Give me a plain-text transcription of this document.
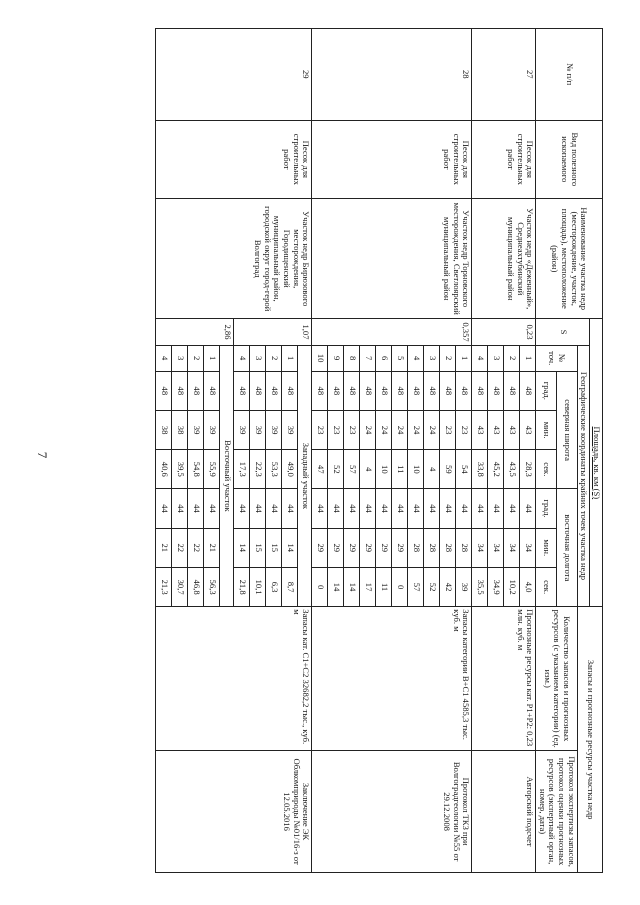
7
№ п/п	Вид полезного ископаемого	Наименование участка недр (месторождение, участок, площадь), местоположение (район)	Площадь, кв. км (S)								Запасы и прогнозные ресурсы участка недр	
			S	Географические координаты крайних точек участка недр								
				№ точ.	северная широта			восточная долгота			Количество запасов и прогнозных ресурсов (с указанием категории) (ед. изм.)	Протокол экспертизы запасов, протокол оценки прогнозных ресурсов (экспертный орган, номер, дата)
					град.	мин.	сек.	град.	мин.	сек.		
27	Песок для строительных работ	Участок недр «Деженный», Среднеахтубинский муниципальный район	0,23	1	48	43	28,3	44	34	4,0	Прогнозные ресурсы кат. Р1+Р2: 0,23 млн. куб. м	Авторский подсчет
				2	48	43	43,5	44	34	10,2		
				3	48	43	45,2	44	34	34,9		
				4	48	43	33,8	44	34	35,5		
28	Песок для строительных работ	Участок недр Торновского месторождения, Светлоярский муниципальный район	0,357	1	48	23	54	44	28	39	Запасы категории B+C1 4585,3 тыс. куб. м	Протокол ТКЗ при Волгоградгеологии №55 от 29.12.2008
				2	48	23	59	44	28	42		
				3	48	24	4	44	28	52		
				4	48	24	10	44	28	57		
				5	48	24	11	44	29	0		
				6	48	24	10	44	29	11		
				7	48	24	4	44	29	17		
				8	48	23	57	44	29	14		
				9	48	23	52	44	29	14		
				10	48	23	47	44	29	0		
29	Песок для строительных работ	Участок недр Бирюзового месторождения, Городищенский муниципальный район, городской округ город-герой Волгоград	1,07	Западный участок							Запасы кат. С1+С2 32682,2 тыс., куб. м	Заключение ЭК Облкомприроды №01/16-з от 12.05.2016
				1	48	39	49,0	44	14	8,7		
				2	48	39	53,3	44	15	6,3		
				3	48	39	22,3	44	15	10,1		
				4	48	39	17,3	44	14	21,8		
			2,86	Восточный участок								
				1	48	39	55,9	44	21	56,3		
				2	48	39	54,8	44	22	46,8		
				3	48	38	39,5	44	22	30,7		
				4	48	38	40,6	44	21	21,3		
